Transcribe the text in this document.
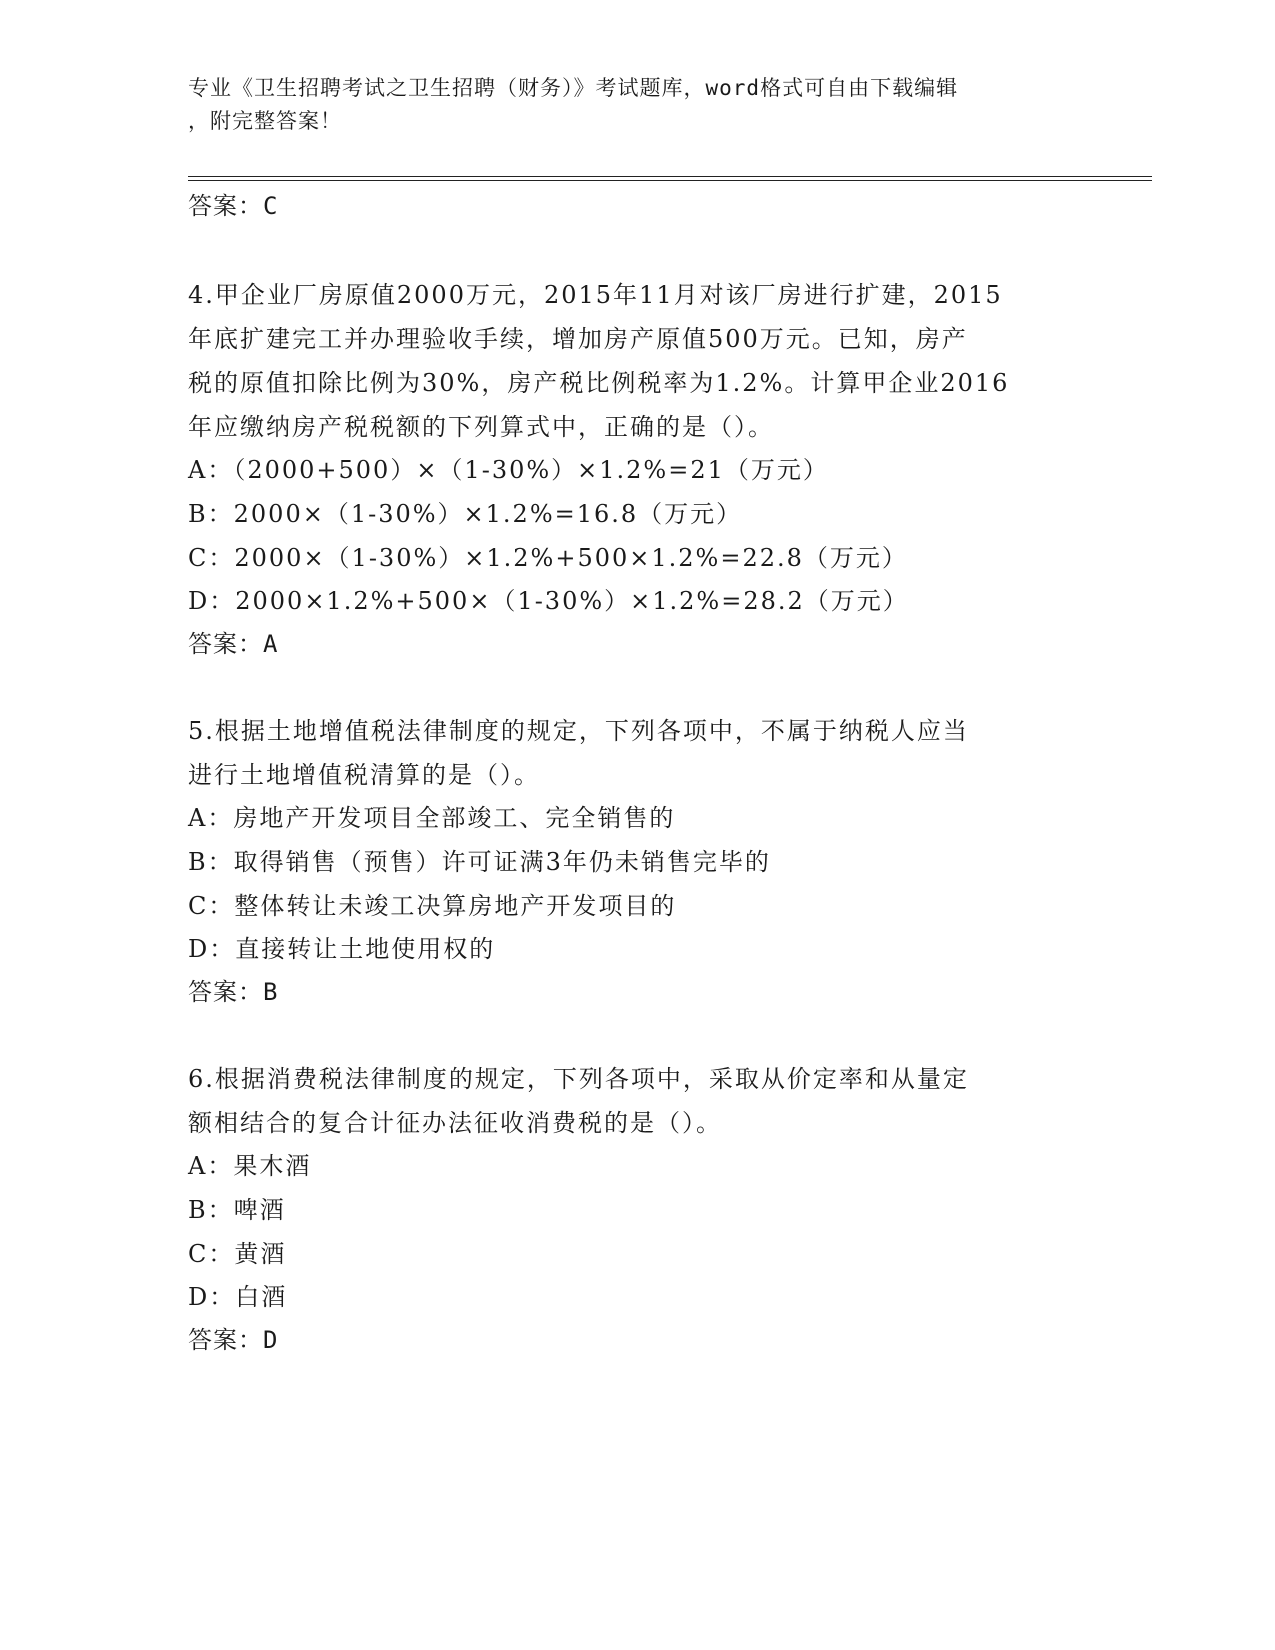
专业《卫生招聘考试之卫生招聘（财务）》考试题库，word格式可自由下载编辑
，附完整答案！
答案：C
4.甲企业厂房原值2000万元，2015年11月对该厂房进行扩建，2015
年底扩建完工并办理验收手续，增加房产原值500万元。已知，房产
税的原值扣除比例为30%，房产税比例税率为1.2%。计算甲企业2016
年应缴纳房产税税额的下列算式中，正确的是（）。
A：（2000+500）×（1-30%）×1.2%=21（万元）
B：2000×（1-30%）×1.2%=16.8（万元）
C：2000×（1-30%）×1.2%+500×1.2%=22.8（万元）
D：2000×1.2%+500×（1-30%）×1.2%=28.2（万元）
答案：A
5.根据土地增值税法律制度的规定，下列各项中，不属于纳税人应当
进行土地增值税清算的是（）。
A：房地产开发项目全部竣工、完全销售的
B：取得销售（预售）许可证满3年仍未销售完毕的
C：整体转让未竣工决算房地产开发项目的
D：直接转让土地使用权的
答案：B
6.根据消费税法律制度的规定，下列各项中，采取从价定率和从量定
额相结合的复合计征办法征收消费税的是（）。
A：果木酒
B：啤酒
C：黄酒
D：白酒
答案：D
